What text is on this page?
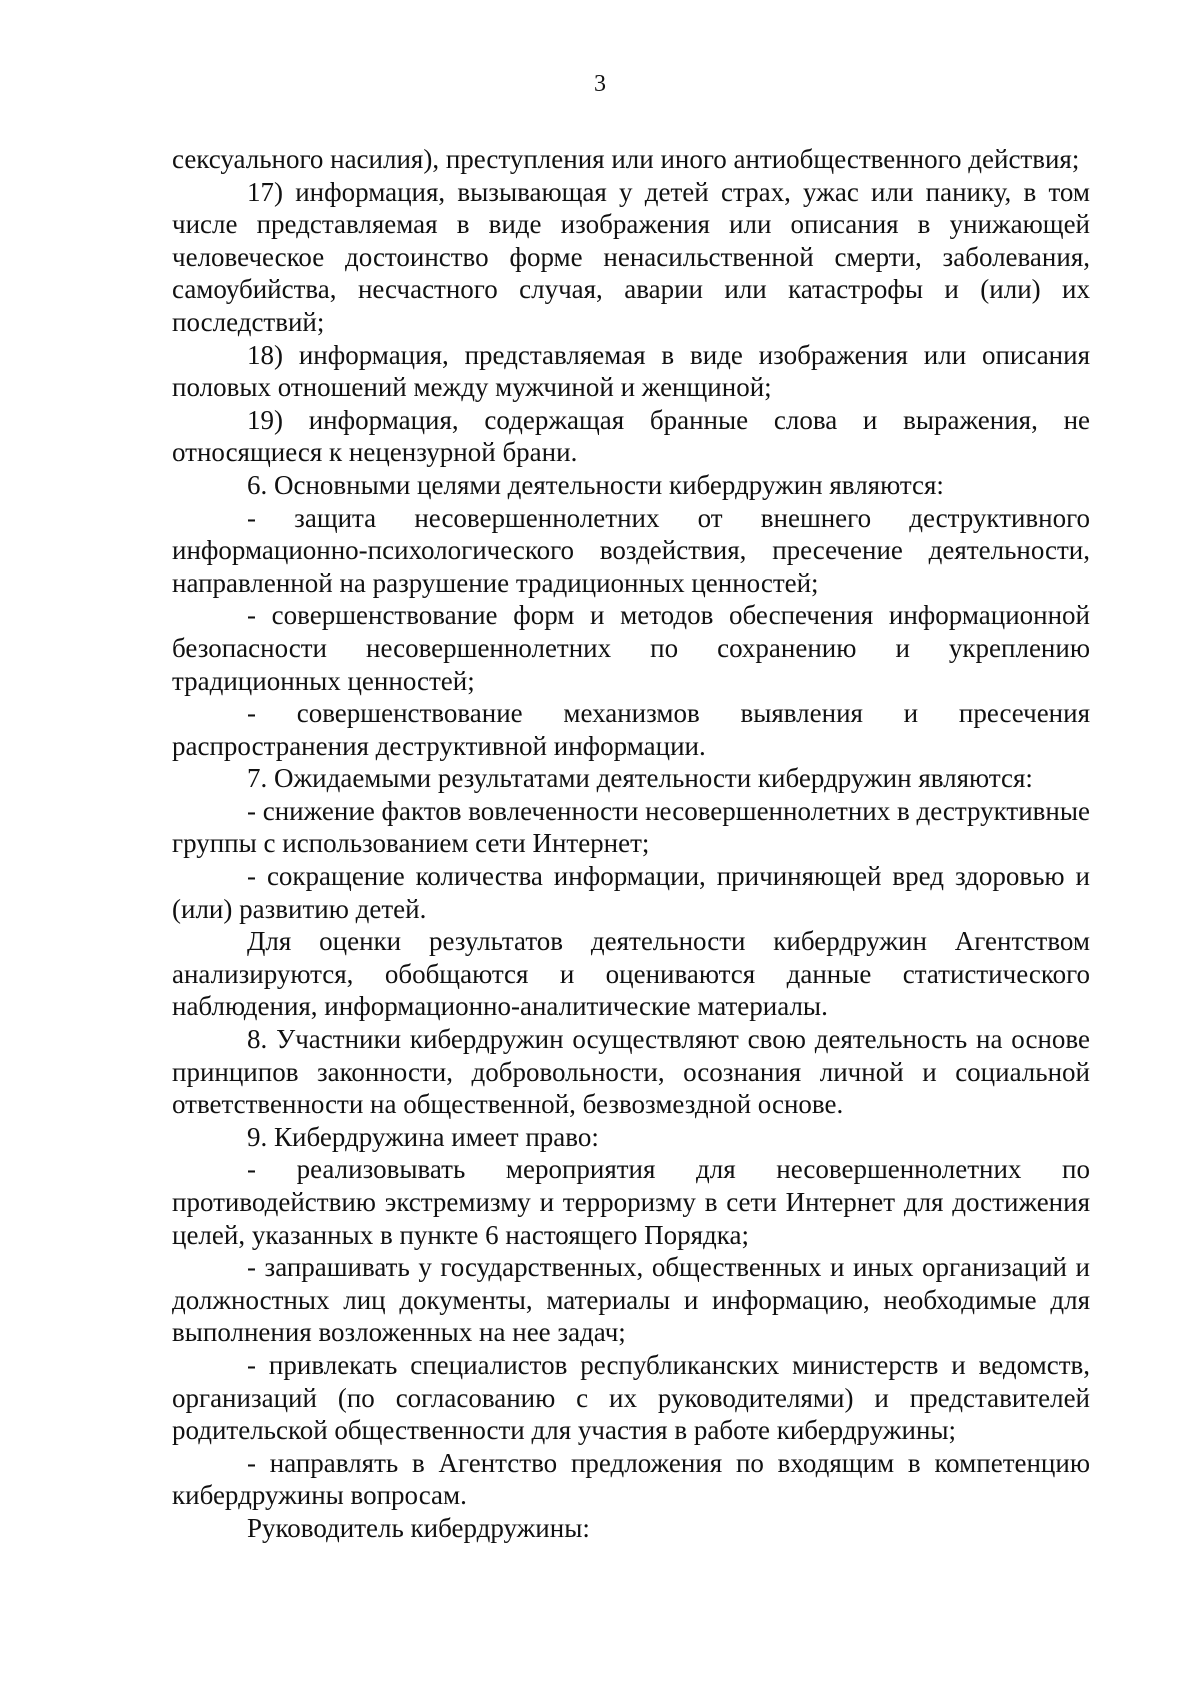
3

сексуального насилия), преступления или иного антиобщественного действия;

17) информация, вызывающая у детей страх, ужас или панику, в том числе представляемая в виде изображения или описания в унижающей человеческое достоинство форме ненасильственной смерти, заболевания, самоубийства, несчастного случая, аварии или катастрофы и (или) их последствий;

18) информация, представляемая в виде изображения или описания половых отношений между мужчиной и женщиной;

19) информация, содержащая бранные слова и выражения, не относящиеся к нецензурной брани.

6. Основными целями деятельности кибердружин являются:

- защита несовершеннолетних от внешнего деструктивного информационно-психологического воздействия, пресечение деятельности, направленной на разрушение традиционных ценностей;

- совершенствование форм и методов обеспечения информационной безопасности несовершеннолетних по сохранению и укреплению традиционных ценностей;

- совершенствование механизмов выявления и пресечения распространения деструктивной информации.

7. Ожидаемыми результатами деятельности кибердружин являются:

- снижение фактов вовлеченности несовершеннолетних в деструктивные группы с использованием сети Интернет;

- сокращение количества информации, причиняющей вред здоровью и (или) развитию детей.

Для оценки результатов деятельности кибердружин Агентством анализируются, обобщаются и оцениваются данные статистического наблюдения, информационно-аналитические материалы.

8. Участники кибердружин осуществляют свою деятельность на основе принципов законности, добровольности, осознания личной и социальной ответственности на общественной, безвозмездной основе.

9. Кибердружина имеет право:

- реализовывать мероприятия для несовершеннолетних по противодействию экстремизму и терроризму в сети Интернет для достижения целей, указанных в пункте 6 настоящего Порядка;

- запрашивать у государственных, общественных и иных организаций и должностных лиц документы, материалы и информацию, необходимые для выполнения возложенных на нее задач;

- привлекать специалистов республиканских министерств и ведомств, организаций (по согласованию с их руководителями) и представителей родительской общественности для участия в работе кибердружины;

- направлять в Агентство предложения по входящим в компетенцию кибердружины вопросам.

Руководитель кибердружины:
